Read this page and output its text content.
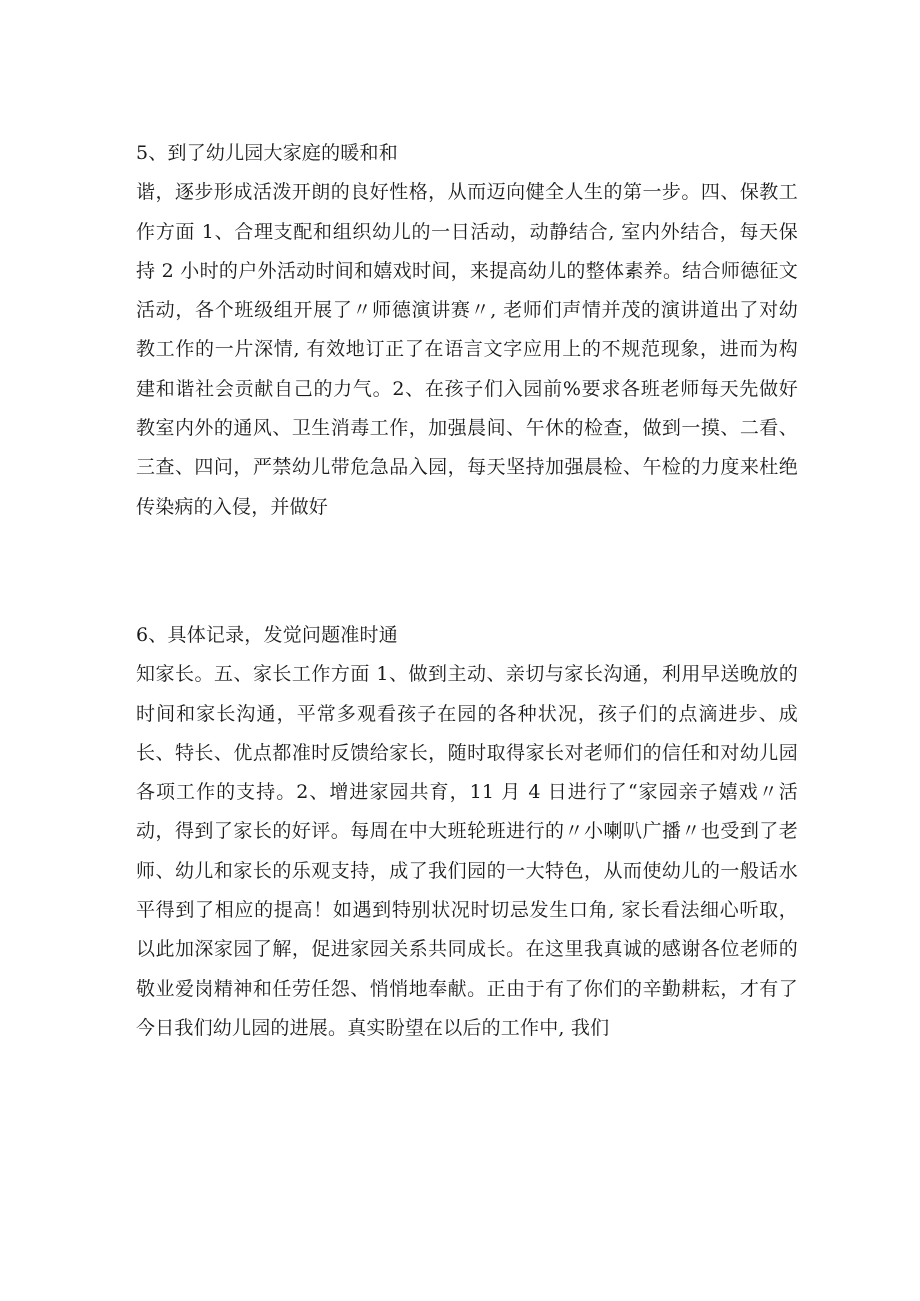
5、到了幼儿园大家庭的暖和和
谐，逐步形成活泼开朗的良好性格，从而迈向健全人生的第一步。四、保教工作方面 1、合理支配和组织幼儿的一日活动，动静结合, 室内外结合，每天保持 2 小时的户外活动时间和嬉戏时间，来提高幼儿的整体素养。结合师德征文活动，各个班级组开展了〃师德演讲赛〃, 老师们声情并茂的演讲道出了对幼教工作的一片深情, 有效地订正了在语言文字应用上的不规范现象，进而为构建和谐社会贡献自己的力气。2、在孩子们入园前%要求各班老师每天先做好教室内外的通风、卫生消毒工作，加强晨间、午休的检查，做到一摸、二看、三查、四问，严禁幼儿带危急品入园，每天坚持加强晨检、午检的力度来杜绝传染病的入侵，并做好
6、具体记录，发觉问题准时通
知家长。五、家长工作方面 1、做到主动、亲切与家长沟通，利用早送晚放的时间和家长沟通，平常多观看孩子在园的各种状况，孩子们的点滴进步、成长、特长、优点都准时反馈给家长，随时取得家长对老师们的信任和对幼儿园各项工作的支持。2、增进家园共育，11 月 4 日进行了“家园亲子嬉戏〃活动，得到了家长的好评。每周在中大班轮班进行的〃小喇叭广播〃也受到了老师、幼儿和家长的乐观支持，成了我们园的一大特色，从而使幼儿的一般话水平得到了相应的提高！如遇到特别状况时切忌发生口角, 家长看法细心听取，以此加深家园了解，促进家园关系共同成长。在这里我真诚的感谢各位老师的敬业爱岗精神和任劳任怨、悄悄地奉献。正由于有了你们的辛勤耕耘，才有了今日我们幼儿园的进展。真实盼望在以后的工作中, 我们
